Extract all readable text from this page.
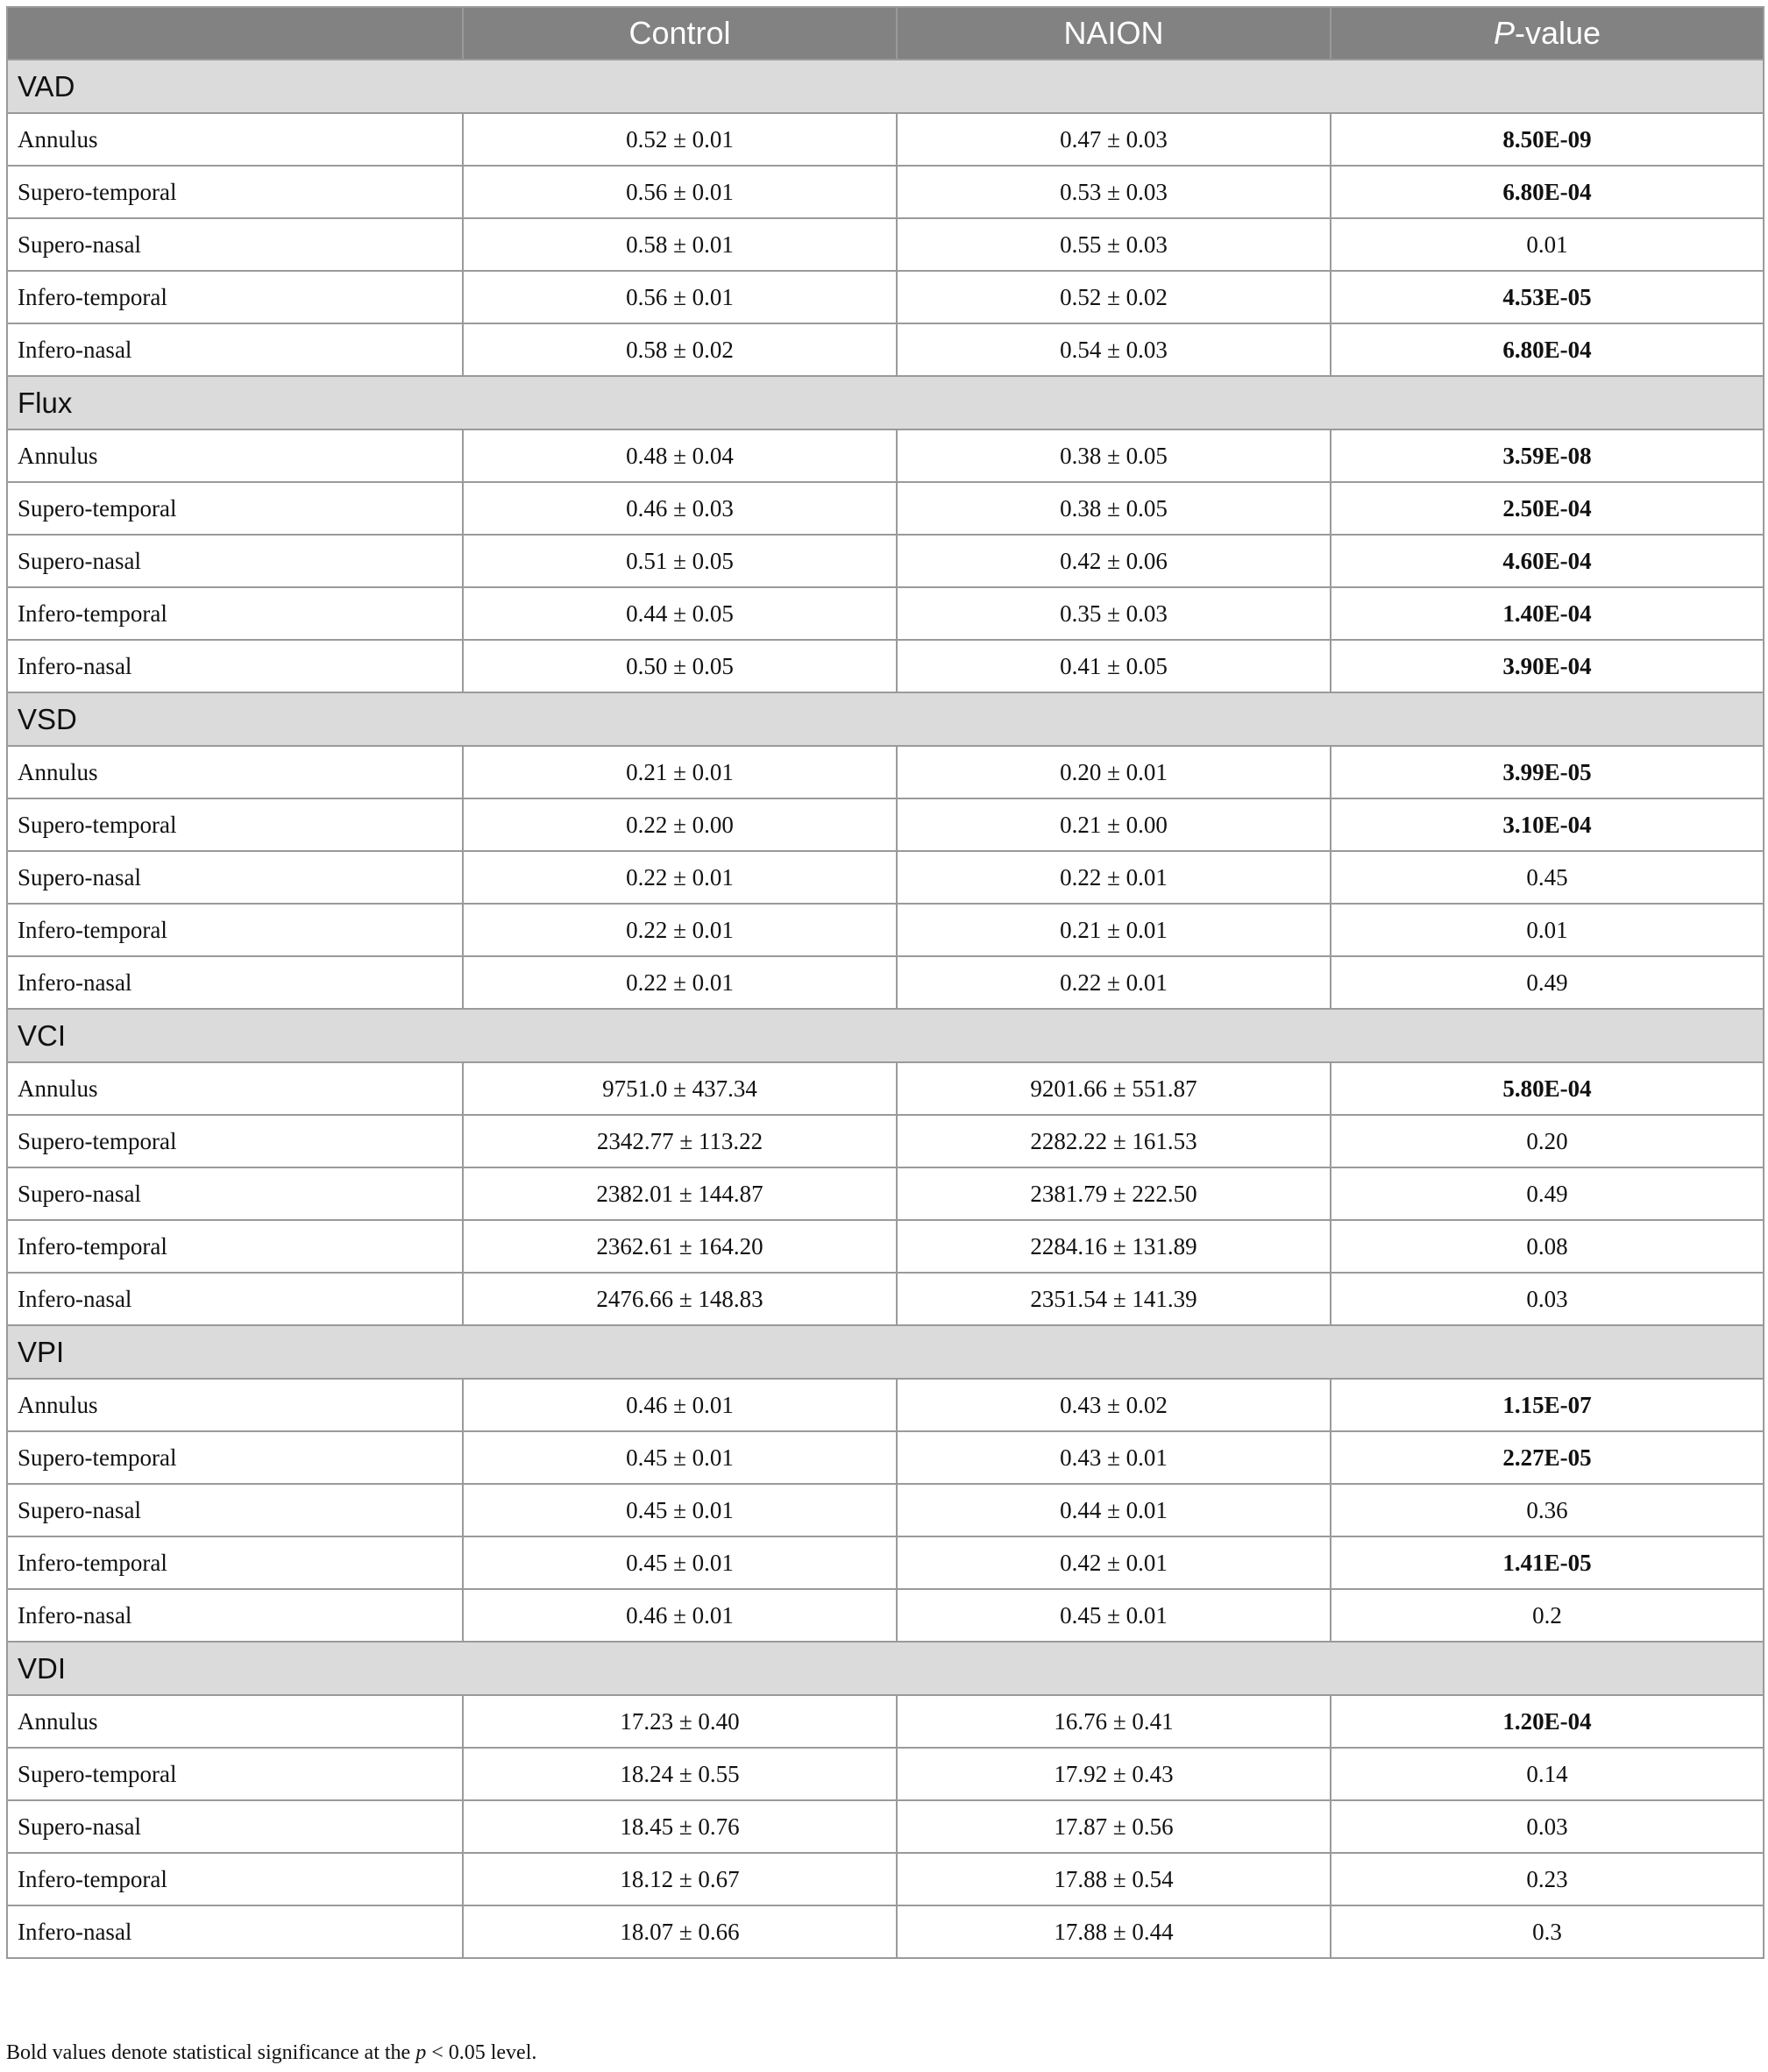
	Control	NAION	P-value
VAD			
Annulus	0.52 ± 0.01	0.47 ± 0.03	8.50E-09
Supero-temporal	0.56 ± 0.01	0.53 ± 0.03	6.80E-04
Supero-nasal	0.58 ± 0.01	0.55 ± 0.03	0.01
Infero-temporal	0.56 ± 0.01	0.52 ± 0.02	4.53E-05
Infero-nasal	0.58 ± 0.02	0.54 ± 0.03	6.80E-04
Flux			
Annulus	0.48 ± 0.04	0.38 ± 0.05	3.59E-08
Supero-temporal	0.46 ± 0.03	0.38 ± 0.05	2.50E-04
Supero-nasal	0.51 ± 0.05	0.42 ± 0.06	4.60E-04
Infero-temporal	0.44 ± 0.05	0.35 ± 0.03	1.40E-04
Infero-nasal	0.50 ± 0.05	0.41 ± 0.05	3.90E-04
VSD			
Annulus	0.21 ± 0.01	0.20 ± 0.01	3.99E-05
Supero-temporal	0.22 ± 0.00	0.21 ± 0.00	3.10E-04
Supero-nasal	0.22 ± 0.01	0.22 ± 0.01	0.45
Infero-temporal	0.22 ± 0.01	0.21 ± 0.01	0.01
Infero-nasal	0.22 ± 0.01	0.22 ± 0.01	0.49
VCI			
Annulus	9751.0 ± 437.34	9201.66 ± 551.87	5.80E-04
Supero-temporal	2342.77 ± 113.22	2282.22 ± 161.53	0.20
Supero-nasal	2382.01 ± 144.87	2381.79 ± 222.50	0.49
Infero-temporal	2362.61 ± 164.20	2284.16 ± 131.89	0.08
Infero-nasal	2476.66 ± 148.83	2351.54 ± 141.39	0.03
VPI			
Annulus	0.46 ± 0.01	0.43 ± 0.02	1.15E-07
Supero-temporal	0.45 ± 0.01	0.43 ± 0.01	2.27E-05
Supero-nasal	0.45 ± 0.01	0.44 ± 0.01	0.36
Infero-temporal	0.45 ± 0.01	0.42 ± 0.01	1.41E-05
Infero-nasal	0.46 ± 0.01	0.45 ± 0.01	0.2
VDI			
Annulus	17.23 ± 0.40	16.76 ± 0.41	1.20E-04
Supero-temporal	18.24 ± 0.55	17.92 ± 0.43	0.14
Supero-nasal	18.45 ± 0.76	17.87 ± 0.56	0.03
Infero-temporal	18.12 ± 0.67	17.88 ± 0.54	0.23
Infero-nasal	18.07 ± 0.66	17.88 ± 0.44	0.3
Bold values denote statistical significance at the p < 0.05 level.
